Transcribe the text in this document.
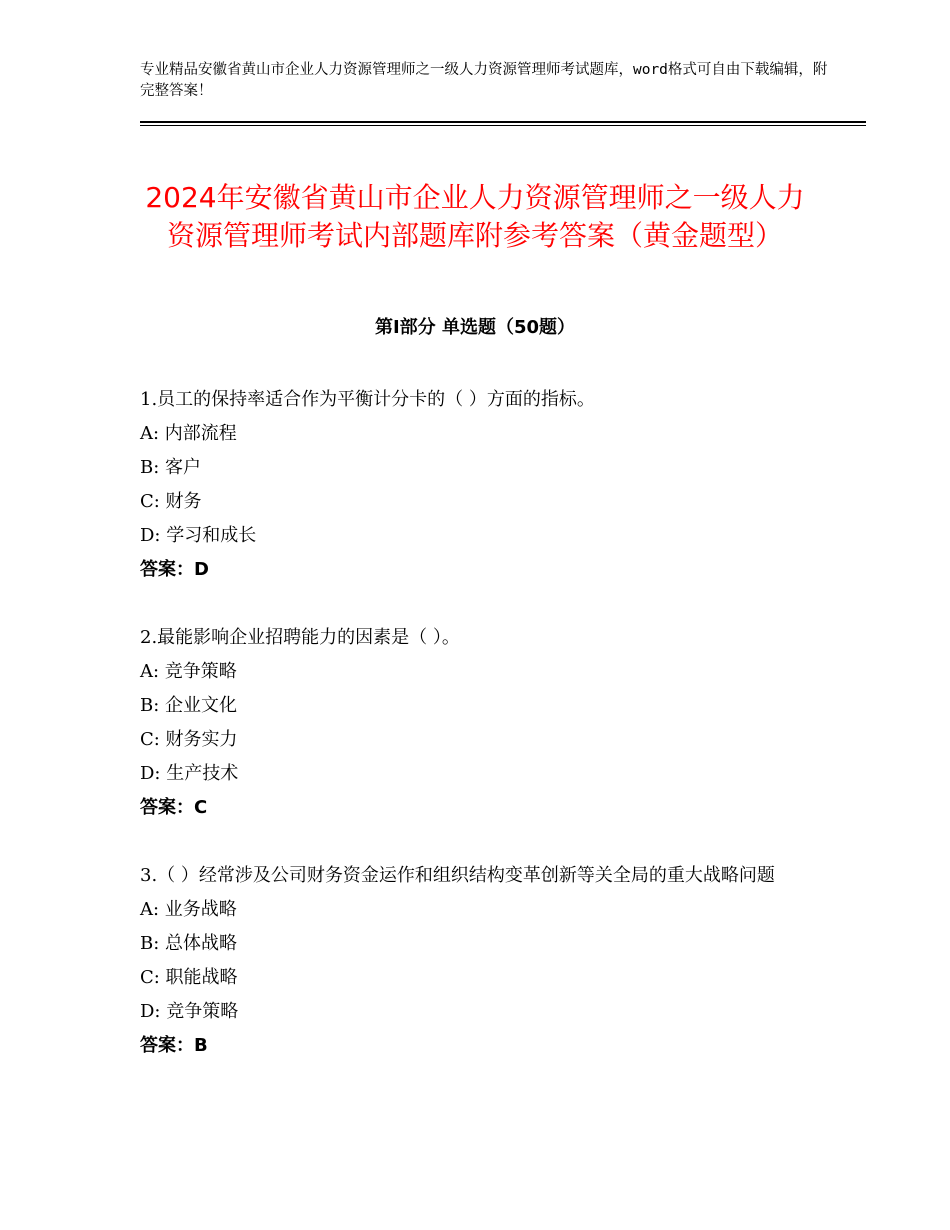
专业精品安徽省黄山市企业人力资源管理师之一级人力资源管理师考试题库，word格式可自由下载编辑，附完整答案！
2024年安徽省黄山市企业人力资源管理师之一级人力资源管理师考试内部题库附参考答案（黄金题型）
第Ⅰ部分 单选题（50题）

1.员工的保持率适合作为平衡计分卡的（ ）方面的指标。

A: 内部流程

B: 客户

C: 财务

D: 学习和成长

答案：D

2.最能影响企业招聘能力的因素是（ ）。

A: 竞争策略

B: 企业文化

C: 财务实力

D: 生产技术

答案：C

3.（ ）经常涉及公司财务资金运作和组织结构变革创新等关全局的重大战略问题

A: 业务战略

B: 总体战略

C: 职能战略

D: 竞争策略

答案：B
